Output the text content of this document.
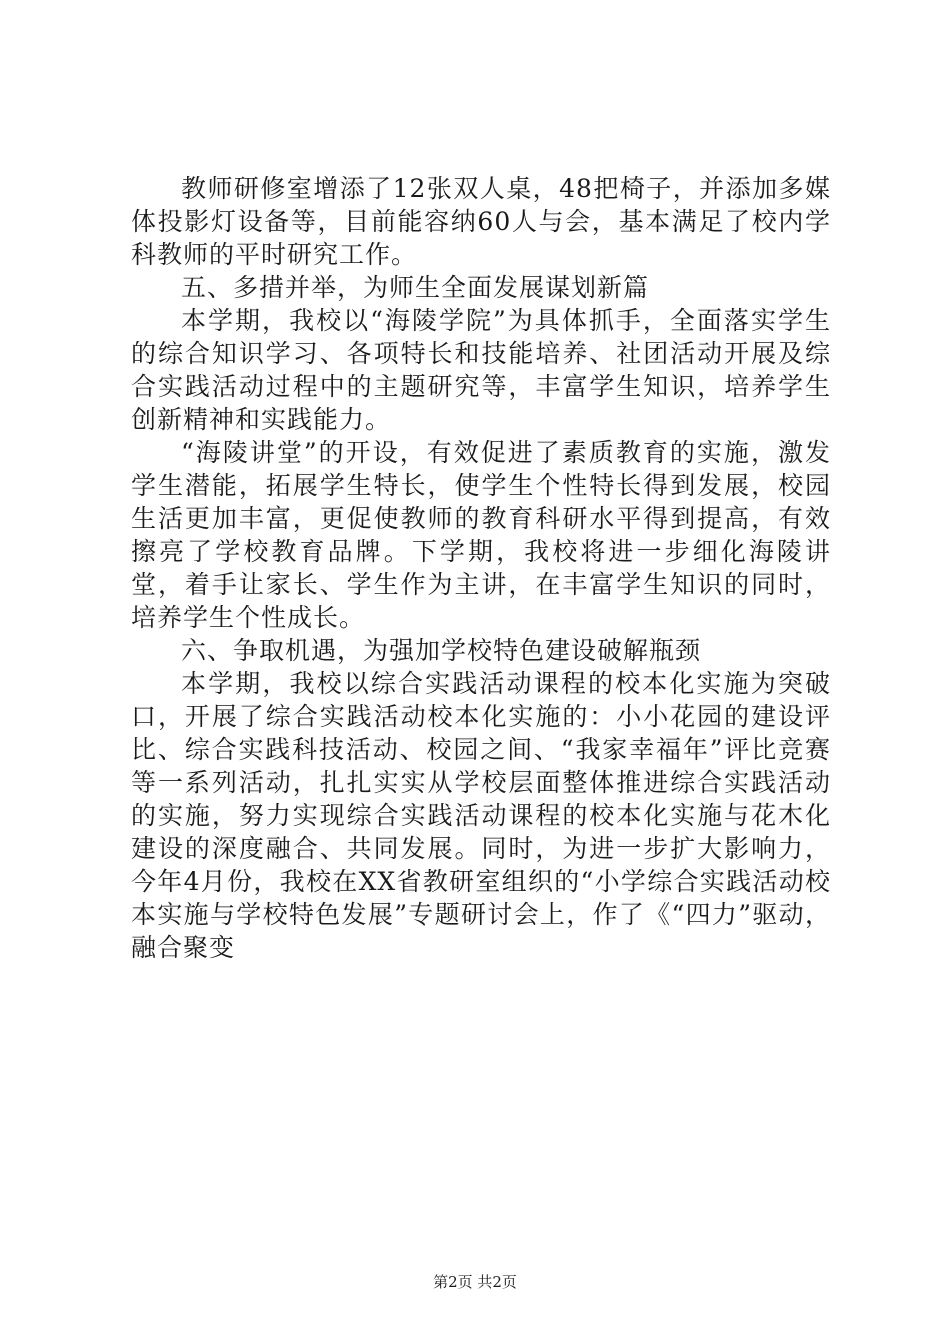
教师研修室增添了12张双人桌，48把椅子，并添加多媒体投影灯设备等，目前能容纳60人与会，基本满足了校内学科教师的平时研究工作。

五、多措并举，为师生全面发展谋划新篇

本学期，我校以“海陵学院”为具体抓手，全面落实学生的综合知识学习、各项特长和技能培养、社团活动开展及综合实践活动过程中的主题研究等，丰富学生知识，培养学生创新精神和实践能力。

“海陵讲堂”的开设，有效促进了素质教育的实施，激发学生潜能，拓展学生特长，使学生个性特长得到发展，校园生活更加丰富，更促使教师的教育科研水平得到提高，有效擦亮了学校教育品牌。下学期，我校将进一步细化海陵讲堂，着手让家长、学生作为主讲，在丰富学生知识的同时，培养学生个性成长。

六、争取机遇，为强加学校特色建设破解瓶颈

本学期，我校以综合实践活动课程的校本化实施为突破口，开展了综合实践活动校本化实施的：小小花园的建设评比、综合实践科技活动、校园之间、“我家幸福年”评比竞赛等一系列活动，扎扎实实从学校层面整体推进综合实践活动的实施，努力实现综合实践活动课程的校本化实施与花木化建设的深度融合、共同发展。同时，为进一步扩大影响力，今年4月份，我校在XX省教研室组织的“小学综合实践活动校本实施与学校特色发展”专题研讨会上，作了《“四力”驱动，融合聚变

第2页 共2页
